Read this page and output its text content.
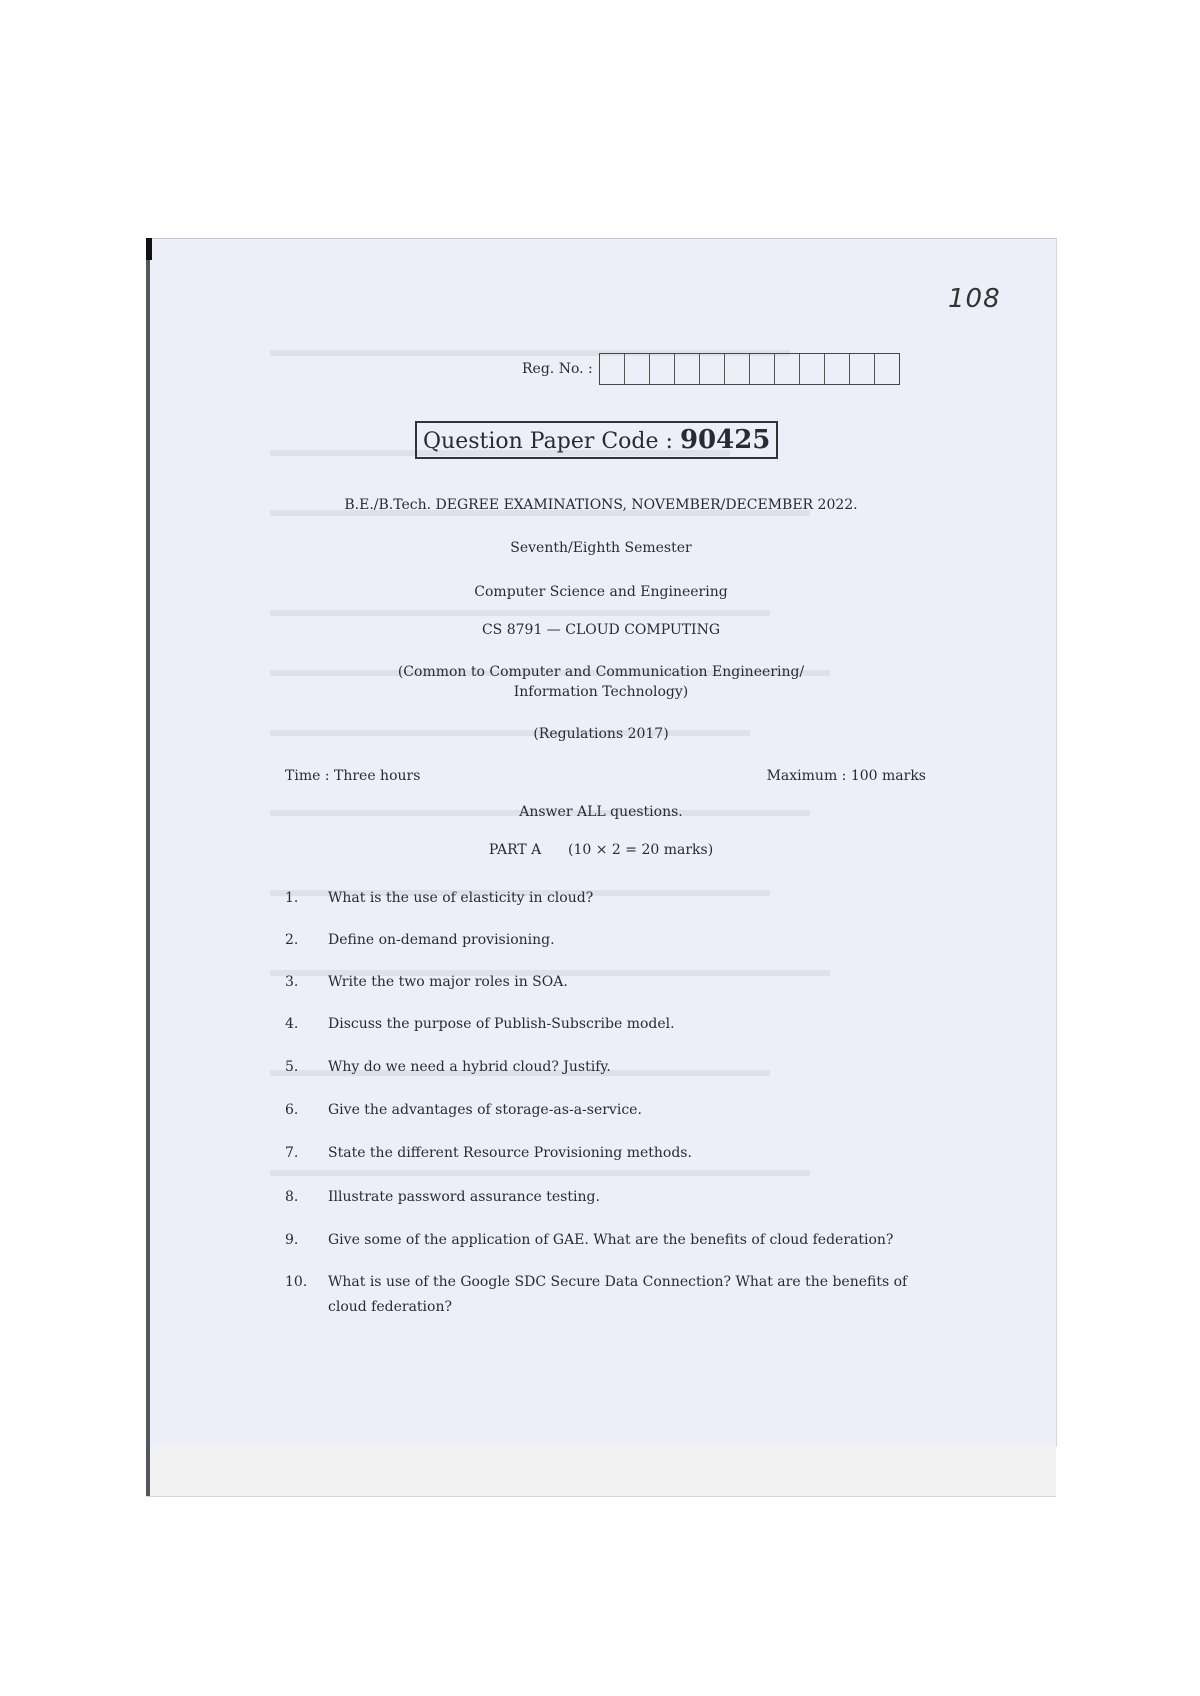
108
Reg. No. :
Question Paper Code : 90425
B.E./B.Tech. DEGREE EXAMINATIONS, NOVEMBER/DECEMBER 2022.
Seventh/Eighth Semester
Computer Science and Engineering
CS 8791 — CLOUD COMPUTING
(Common to Computer and Communication Engineering/
Information Technology)
(Regulations 2017)
Time : Three hours	Maximum : 100 marks
Answer ALL questions.
PART A (10 × 2 = 20 marks)
1. What is the use of elasticity in cloud?
2. Define on-demand provisioning.
3. Write the two major roles in SOA.
4. Discuss the purpose of Publish-Subscribe model.
5. Why do we need a hybrid cloud? Justify.
6. Give the advantages of storage-as-a-service.
7. State the different Resource Provisioning methods.
8. Illustrate password assurance testing.
9. Give some of the application of GAE. What are the benefits of cloud federation?
10. What is use of the Google SDC Secure Data Connection? What are the benefits of cloud federation?
